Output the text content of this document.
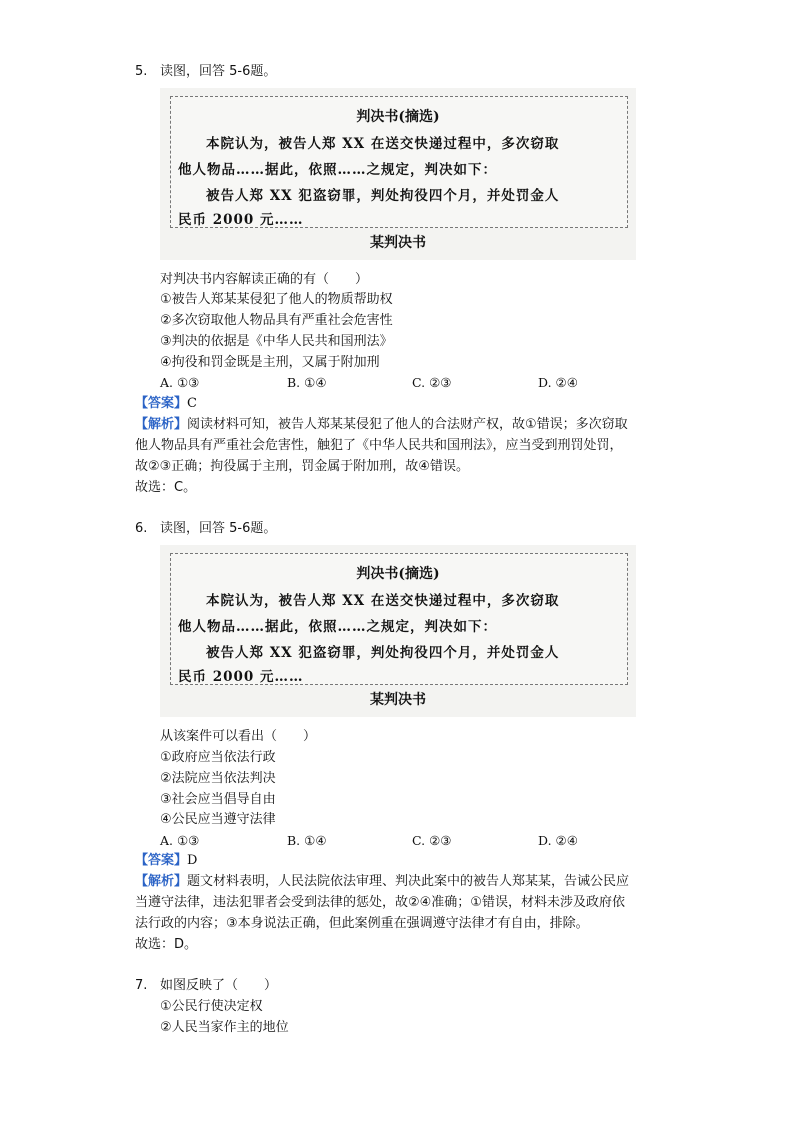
5. 读图，回答 5-6题。
判决书(摘选)
本院认为，被告人郑 XX 在送交快递过程中，多次窃取
他人物品……据此，依照……之规定，判决如下：
被告人郑 XX 犯盗窃罪，判处拘役四个月，并处罚金人
民币 2000 元……
某判决书
对判决书内容解读正确的有（　　）
①被告人郑某某侵犯了他人的物质帮助权
②多次窃取他人物品具有严重社会危害性
③判决的依据是《中华人民共和国刑法》
④拘役和罚金既是主刑，又属于附加刑
A. ①③	B. ①④	C. ②③	D. ②④
【答案】C
【解析】阅读材料可知，被告人郑某某侵犯了他人的合法财产权，故①错误；多次窃取
他人物品具有严重社会危害性，触犯了《中华人民共和国刑法》，应当受到刑罚处罚，
故②③正确；拘役属于主刑，罚金属于附加刑，故④错误。
故选：C。
6. 读图，回答 5-6题。
判决书(摘选)
本院认为，被告人郑 XX 在送交快递过程中，多次窃取
他人物品……据此，依照……之规定，判决如下：
被告人郑 XX 犯盗窃罪，判处拘役四个月，并处罚金人
民币 2000 元……
某判决书
从该案件可以看出（　　）
①政府应当依法行政
②法院应当依法判决
③社会应当倡导自由
④公民应当遵守法律
A. ①③	B. ①④	C. ②③	D. ②④
【答案】D
【解析】题文材料表明，人民法院依法审理、判决此案中的被告人郑某某，告诫公民应
当遵守法律，违法犯罪者会受到法律的惩处，故②④准确；①错误，材料未涉及政府依
法行政的内容；③本身说法正确，但此案例重在强调遵守法律才有自由，排除。
故选：D。
7. 如图反映了（　　）
①公民行使决定权
②人民当家作主的地位
